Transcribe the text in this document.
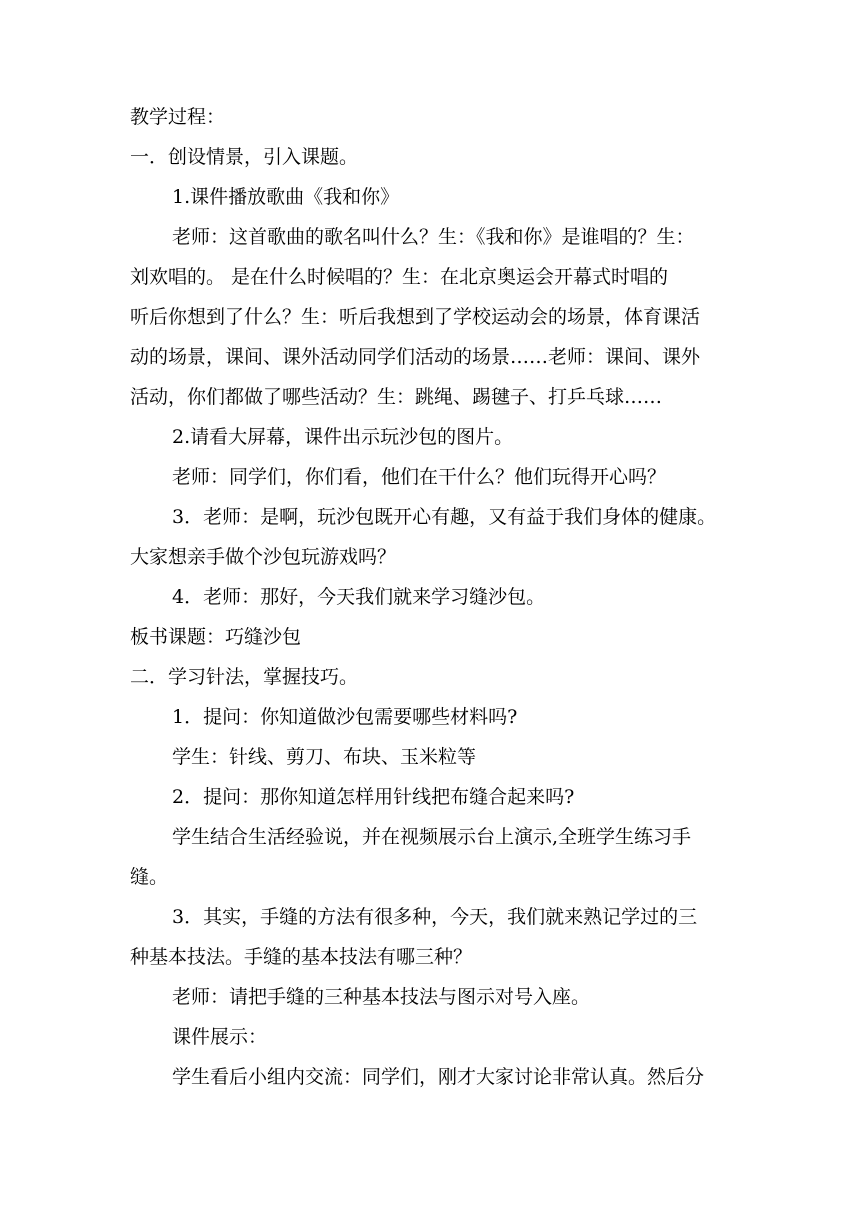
教学过程：
一．创设情景，引入课题。
1.课件播放歌曲《我和你》
老师：这首歌曲的歌名叫什么？生：《我和你》是谁唱的？生：
刘欢唱的。 是在什么时候唱的？生：在北京奥运会开幕式时唱的
听后你想到了什么？生：听后我想到了学校运动会的场景，体育课活
动的场景，课间、课外活动同学们活动的场景……老师：课间、课外
活动，你们都做了哪些活动？生：跳绳、踢毽子、打乒乓球……
2.请看大屏幕，课件出示玩沙包的图片。
老师：同学们，你们看，他们在干什么？他们玩得开心吗？
3．老师：是啊，玩沙包既开心有趣，又有益于我们身体的健康。
大家想亲手做个沙包玩游戏吗？
4．老师：那好，今天我们就来学习缝沙包。
板书课题：巧缝沙包
二．学习针法，掌握技巧。
1．提问：你知道做沙包需要哪些材料吗?
学生：针线、剪刀、布块、玉米粒等
2．提问：那你知道怎样用针线把布缝合起来吗?
学生结合生活经验说，并在视频展示台上演示,全班学生练习手
缝。
3．其实，手缝的方法有很多种，今天，我们就来熟记学过的三
种基本技法。手缝的基本技法有哪三种？
老师：请把手缝的三种基本技法与图示对号入座。
课件展示：
学生看后小组内交流：同学们，刚才大家讨论非常认真。然后分
